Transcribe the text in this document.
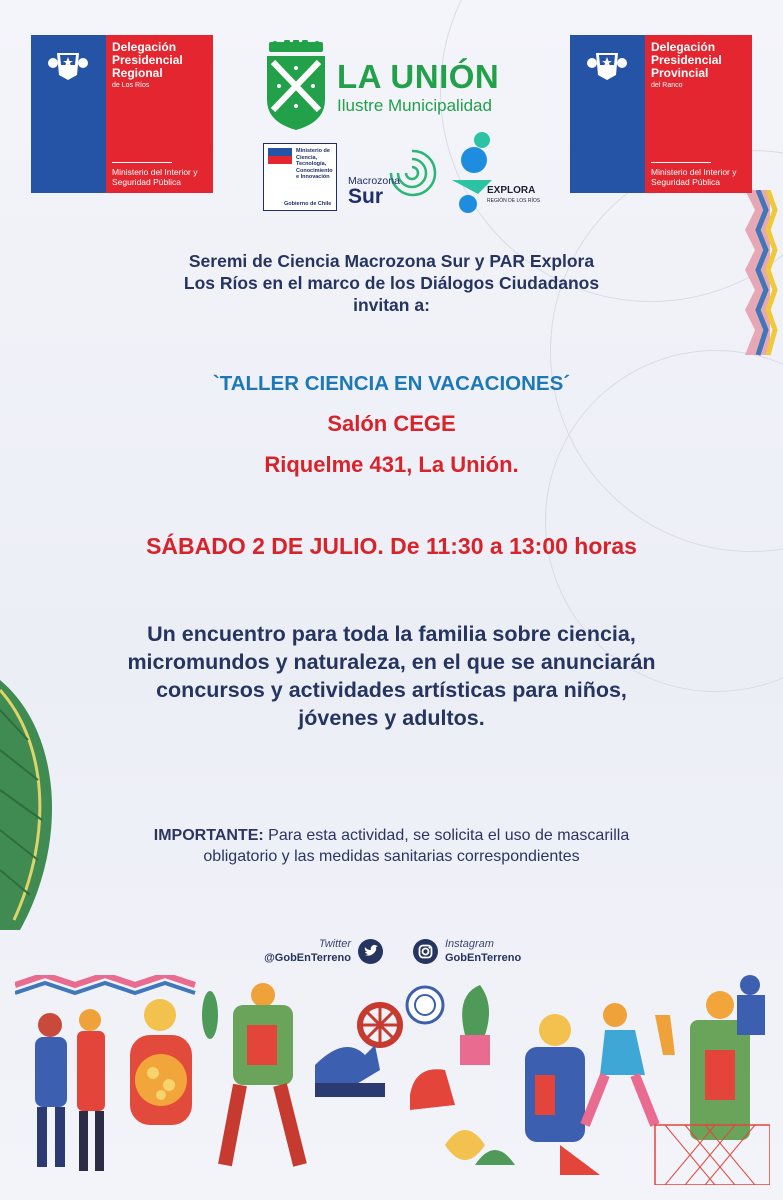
Delegación Presidencial Regional
de Los Ríos
Ministerio del Interior y Seguridad Pública
Delegación Presidencial Provincial
del Ranco
Ministerio del Interior y Seguridad Pública
LA UNIÓN
Ilustre Municipalidad
Ministerio de Ciencia, Tecnología, Conocimiento e Innovación
Gobierno de Chile
Macrozona
Sur	EXPLORA
REGIÓN DE LOS RÍOS
Seremi de Ciencia Macrozona Sur y PAR Explora
Los Ríos en el marco de los Diálogos Ciudadanos
invitan a:
`TALLER CIENCIA EN VACACIONES´
Salón CEGE
Riquelme 431, La Unión.
SÁBADO 2 DE JULIO. De 11:30 a 13:00 horas
Un encuentro para toda la familia sobre ciencia,
micromundos y naturaleza, en el que se anunciarán
concursos y actividades artísticas para niños,
jóvenes y adultos.
IMPORTANTE: Para esta actividad, se solicita el uso de mascarilla
obligatorio y las medidas sanitarias correspondientes
Twitter
@GobEnTerreno
Instagram
GobEnTerreno
